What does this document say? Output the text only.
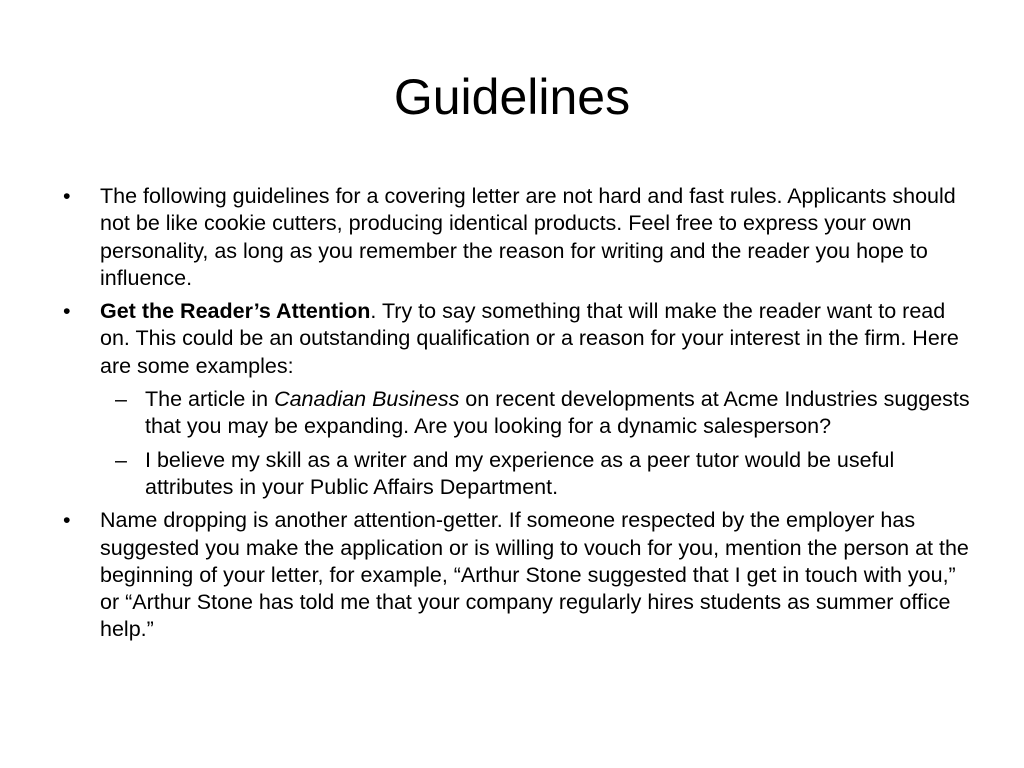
Guidelines
• The following guidelines for a covering letter are not hard and fast rules. Applicants should not be like cookie cutters, producing identical products. Feel free to express your own personality, as long as you remember the reason for writing and the reader you hope to influence.
• Get the Reader’s Attention. Try to say something that will make the reader want to read on. This could be an outstanding qualification or a reason for your interest in the firm. Here are some examples:
– The article in Canadian Business on recent developments at Acme Industries suggests that you may be expanding. Are you looking for a dynamic salesperson?
– I believe my skill as a writer and my experience as a peer tutor would be useful attributes in your Public Affairs Department.
• Name dropping is another attention-getter. If someone respected by the employer has suggested you make the application or is willing to vouch for you, mention the person at the beginning of your letter, for example, “Arthur Stone suggested that I get in touch with you,” or “Arthur Stone has told me that your company regularly hires students as summer office help.”
